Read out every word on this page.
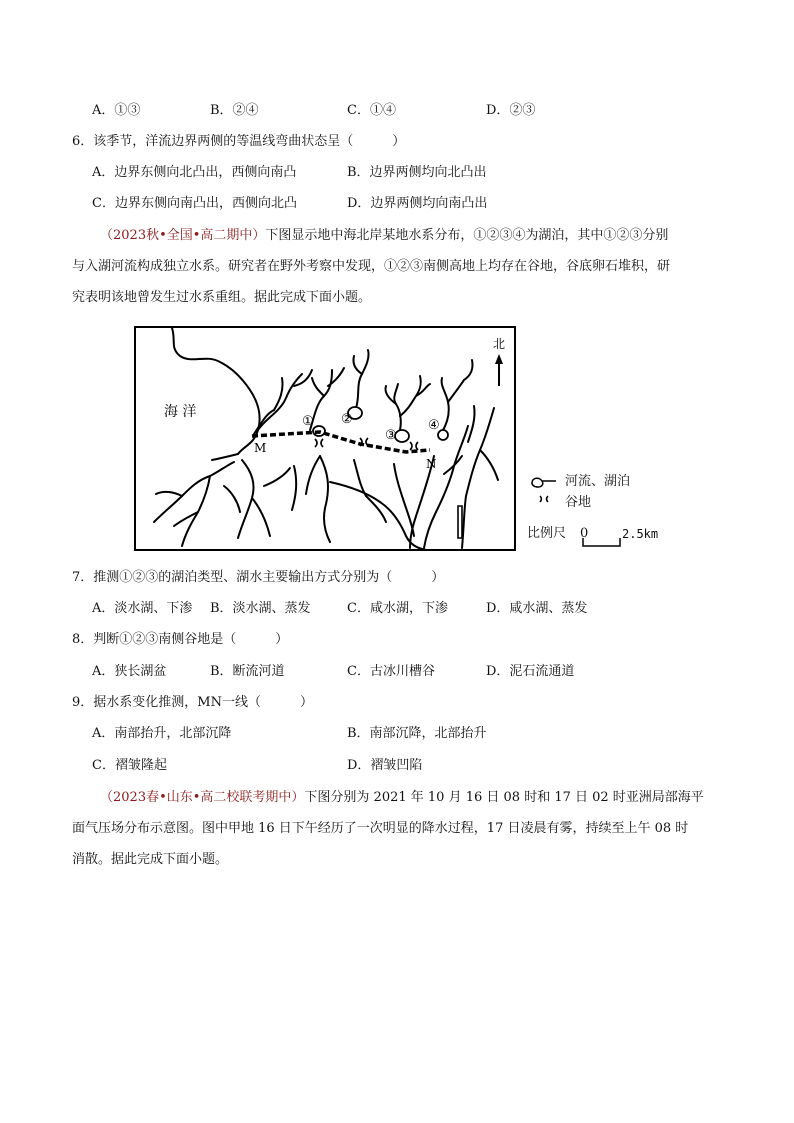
A．①③	B．②④	C．①④	D．②③
6．该季节，洋流边界两侧的等温线弯曲状态呈（　　　）
A．边界东侧向北凸出，西侧向南凸	B．边界两侧均向北凸出
C．边界东侧向南凸出，西侧向北凸	D．边界两侧均向南凸出
（2023秋•全国•高二期中）下图显示地中海北岸某地水系分布，①②③④为湖泊，其中①②③分别
与入湖河流构成独立水系。研究者在野外考察中发现，①②③南侧高地上均存在谷地，谷底卵石堆积，研
究表明该地曾发生过水系重组。据此完成下面小题。
海 洋
北
① ②
③
④
M
N
河流、湖泊
谷地
比例尺 0	2.5km
7．推测①②③的湖泊类型、湖水主要输出方式分别为（　　　）
A．淡水湖、下渗 B．淡水湖、蒸发	C．咸水湖，下渗	D．咸水湖、蒸发
8．判断①②③南侧谷地是（　　　）
A．狭长湖盆	B．断流河道	C．古冰川槽谷	D．泥石流通道
9．据水系变化推测，MN一线（　　　）
A．南部抬升，北部沉降	B．南部沉降，北部抬升
C．褶皱隆起	D．褶皱凹陷
（2023春•山东•高二校联考期中）下图分别为 2021 年 10 月 16 日 08 时和 17 日 02 时亚洲局部海平
面气压场分布示意图。图中甲地 16 日下午经历了一次明显的降水过程，17 日凌晨有雾，持续至上午 08 时
消散。据此完成下面小题。
